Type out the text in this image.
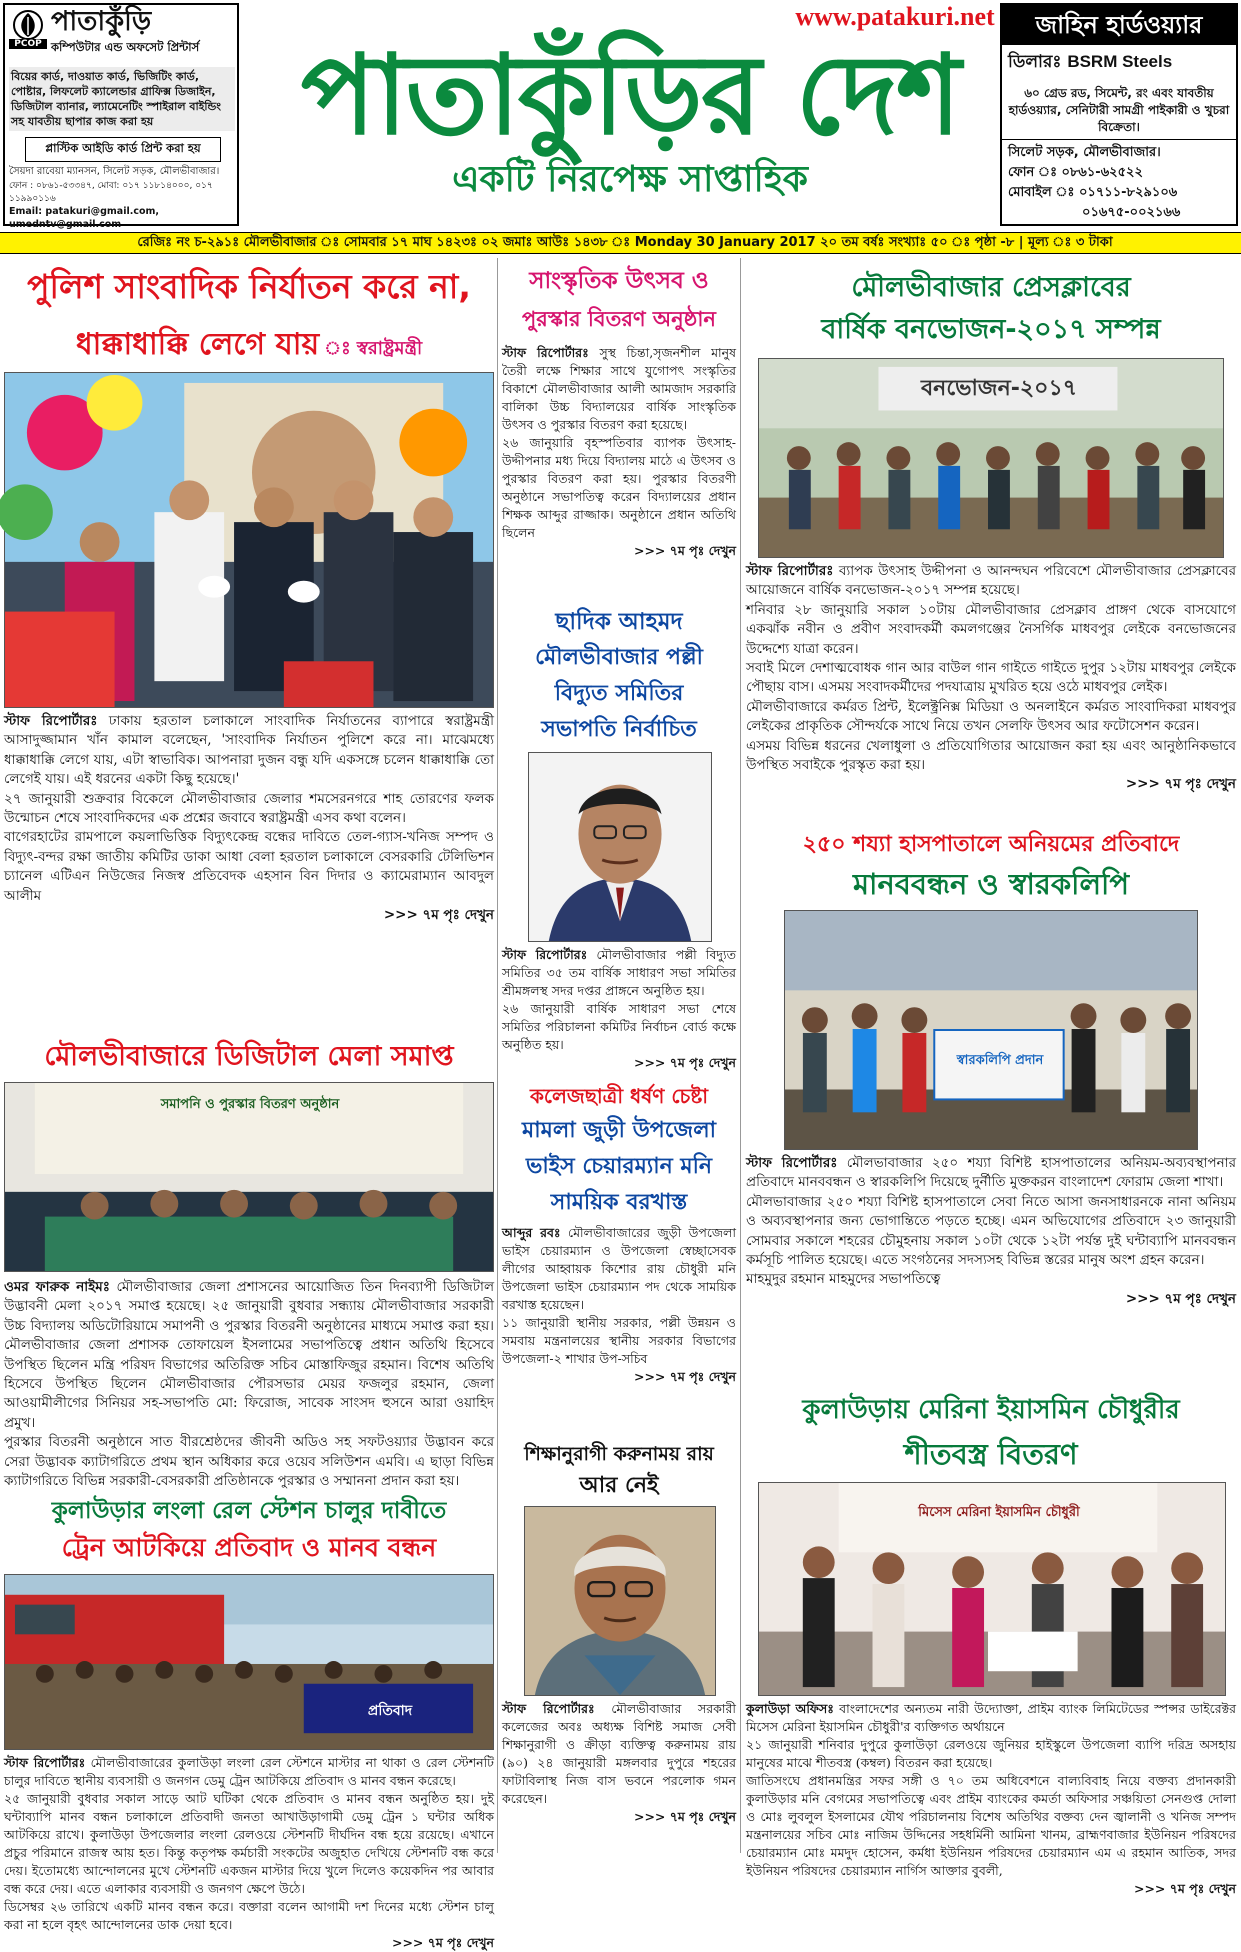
PCOP
পাতাকুঁড়ি
কম্পিউটার এন্ড অফসেট প্রিন্টার্স
বিয়ের কার্ড, দাওয়াত কার্ড, ভিজিটিং কার্ড, পোষ্টার, লিফলেট ক্যালেন্ডার গ্রাফিক্স ডিজাইন, ডিজিটাল ব্যানার, ল্যামেনেটিং স্পাইরাল বাইন্ডিং সহ যাবতীয় ছাপার কাজ করা হয়
প্লাস্টিক আইডি কার্ড প্রিন্ট করা হয়
সৈয়দা রাবেয়া ম্যানসন, সিলেট সড়ক, মৌলভীবাজার।
ফোন : ০৮৬১-৫৩৩৪৭, মোবা: ০১৭ ১১৮১৪০০০, ০১৭ ১১৯৯০১১৬
Email: patakuri@gmail.com, umedntv@gmail.com
www.patakuri.net
পাতাকুঁড়ির দেশ
একটি নিরপেক্ষ সাপ্তাহিক
জাহিন হার্ডওয়্যার
ডিলারঃ BSRM Steels
৬০ গ্রেড রড, সিমেন্ট, রং এবং যাবতীয় হার্ডওয়্যার, সেনিটারী সামগ্রী পাইকারী ও খুচরা বিক্রেতা।
সিলেট সড়ক, মৌলভীবাজার।
ফোন ঃ ০৮৬১-৬২৫২২
মোবাইল ঃ ০১৭১১-৮২৯১০৬
০১৬৭৫-০০২১৬৬
রেজিঃ নং চ-২৯১ঃ মৌলভীবাজার ঃ সোমবার ১৭ মাঘ ১৪২৩ঃ ০২ জমাঃ আউঃ ১৪৩৮ ঃ Monday 30 January 2017 ২০ তম বর্ষঃ সংখ্যাঃ ৫০ ঃ পৃষ্ঠা -৮ | মূল্য ঃ ৩ টাকা
পুলিশ সাংবাদিক নির্যাতন করে না,
ধাক্কাধাক্কি লেগে যায় ঃ স্বরাষ্ট্রমন্ত্রী

স্টাফ রিপোর্টারঃ ঢাকায় হরতাল চলাকালে সাংবাদিক নির্যাতনের ব্যাপারে স্বরাষ্ট্রমন্ত্রী আসাদুজ্জামান খাঁন কামাল বলেছেন, 'সাংবাদিক নির্যাতন পুলিশে করে না। মাঝেমধ্যে ধাক্কাধাক্কি লেগে যায়, এটা স্বাভাবিক। আপনারা দুজন বন্ধু যদি একসঙ্গে চলেন ধাক্কাধাক্কি তো লেগেই যায়। এই ধরনের একটা কিছু হয়েছে।'

২৭ জানুয়ারী শুক্রবার বিকেলে মৌলভীবাজার জেলার শমসেরনগরে শাহ তোরণের ফলক উন্মোচন শেষে সাংবাদিকদের এক প্রশ্নের জবাবে স্বরাষ্ট্রমন্ত্রী এসব কথা বলেন।

বাগেরহাটের রামপালে কয়লাভিত্তিক বিদ্যুৎকেন্দ্র বন্ধের দাবিতে তেল-গ্যাস-খনিজ সম্পদ ও বিদ্যুৎ-বন্দর রক্ষা জাতীয় কমিটির ডাকা আধা বেলা হরতাল চলাকালে বেসরকারি টেলিভিশন চ্যানেল এটিএন নিউজের নিজস্ব প্রতিবেদক এহসান বিন দিদার ও ক্যামেরাম্যান আবদুল আলীম

>>> ৭ম পৃঃ দেখুন

মৌলভীবাজারে ডিজিটাল মেলা সমাপ্ত
সমাপনি ও পুরস্কার বিতরণ অনুষ্ঠান

ওমর ফারুক নাইমঃ মৌলভীবাজার জেলা প্রশাসনের আয়োজিত তিন দিনব্যাপী ডিজিটাল উদ্ভাবনী মেলা ২০১৭ সমাপ্ত হয়েছে। ২৫ জানুয়ারী বুধবার সন্ধ্যায় মৌলভীবাজার সরকারী উচ্চ বিদ্যালয় অডিটোরিয়ামে সমাপনী ও পুরস্কার বিতরনী অনুষ্ঠানের মাধ্যমে সমাপ্ত করা হয়। মৌলভীবাজার জেলা প্রশাসক তোফায়েল ইসলামের সভাপতিত্বে প্রধান অতিথি হিসেবে উপস্থিত ছিলেন মন্ত্রি পরিষদ বিভাগের অতিরিক্ত সচিব মোস্তাফিজুর রহমান। বিশেষ অতিথি হিসেবে উপস্থিত ছিলেন মৌলভীবাজার পৌরসভার মেয়র ফজলুর রহমান, জেলা আওয়ামীলীগের সিনিয়র সহ-সভাপতি মো: ফিরোজ, সাবেক সাংসদ হুসনে আরা ওয়াহিদ প্রমুখ।

পুরস্কার বিতরনী অনুষ্ঠানে সাত বীরশ্রেষ্ঠদের জীবনী অডিও সহ সফটওয়্যার উদ্ভাবন করে সেরা উদ্ভাবক ক্যাটাগরিতে প্রথম স্থান অধিকার করে ওয়েব সলিউশন এমবি। এ ছাড়া বিভিন্ন ক্যাটাগরিতে বিভিন্ন সরকারী-বেসরকারী প্রতিষ্ঠানকে পুরস্কার ও সম্মাননা প্রদান করা হয়।

কুলাউড়ার লংলা রেল স্টেশন চালুর দাবীতে
ট্রেন আটকিয়ে প্রতিবাদ ও মানব বন্ধন
প্রতিবাদ

স্টাফ রিপোর্টারঃ মৌলভীবাজারের কুলাউড়া লংলা রেল স্টেশনে মাস্টার না থাকা ও রেল স্টেশনটি চালুর দাবিতে স্থানীয় ব্যবসায়ী ও জনগন ডেমু ট্রেন আটকিয়ে প্রতিবাদ ও মানব বন্ধন করেছে।

২৫ জানুয়ারী বুধবার সকাল সাড়ে আট ঘটিকা থেকে প্রতিবাদ ও মানব বন্ধন অনুষ্ঠিত হয়। দুই ঘন্টাব্যাপি মানব বন্ধন চলাকালে প্রতিবাদী জনতা আখাউড়াগামী ডেমু ট্রেন ১ ঘন্টার অধিক আটকিয়ে রাখে। কুলাউড়া উপজেলার লংলা রেলওয়ে স্টেশনটি দীর্ঘদিন বন্ধ হয়ে রয়েছে। এখানে প্রচুর পরিমানে রাজস্ব আয় হত। কিন্তু কতৃপক্ষ কর্মচারী সংকটের অজুহাত দেখিয়ে স্টেশনটি বন্ধ করে দেয়। ইতোমধ্যে আন্দোলনের মুখে স্টেশনটি একজন মাস্টার দিয়ে খুলে দিলেও কয়েকদিন পর আবার বন্ধ করে দেয়। এতে এলাকার ব্যবসায়ী ও জনগণ ক্ষেপে উঠে।

ডিসেম্বর ২৬ তারিখে একটি মানব বন্ধন করে। বক্তারা বলেন আগামী দশ দিনের মধ্যে স্টেশন চালু করা না হলে বৃহৎ আন্দোলনের ডাক দেয়া হবে।

>>> ৭ম পৃঃ দেখুন

সাংস্কৃতিক উৎসব ও
পুরস্কার বিতরণ অনুষ্ঠান

স্টাফ রিপোর্টারঃ সুস্থ চিন্তা,সৃজনশীল মানুষ তৈরী লক্ষে শিক্ষার সাথে যুগোপৎ সংস্কৃতির বিকাশে মৌলভীবাজার আলী আমজাদ সরকারি বালিকা উচ্চ বিদ্যালয়ের বার্ষিক সাংস্কৃতিক উৎসব ও পুরস্কার বিতরণ করা হয়েছে।

২৬ জানুয়ারি বৃহস্পতিবার ব্যাপক উৎসাহ-উদ্দীপনার মধ্য দিয়ে বিদ্যালয় মাঠে এ উৎসব ও পুরস্কার বিতরণ করা হয়। পুরস্কার বিতরণী অনুষ্ঠানে সভাপতিত্ব করেন বিদ্যালয়ের প্রধান শিক্ষক আব্দুর রাজ্জাক। অনুষ্ঠানে প্রধান অতিথি ছিলেন

>>> ৭ম পৃঃ দেখুন

ছাদিক আহমদ
মৌলভীবাজার পল্লী
বিদ্যুত সমিতির
সভাপতি নির্বাচিত

স্টাফ রিপোর্টারঃ মৌলভীবাজার পল্লী বিদ্যুত সমিতির ৩৫ তম বার্ষিক সাধারণ সভা সমিতির শ্রীমঙ্গলস্থ সদর দপ্তর প্রাঙ্গনে অনুষ্ঠিত হয়।

২৬ জানুয়ারী বার্ষিক সাধারণ সভা শেষে সমিতির পরিচালনা কমিটির নির্বাচন বোর্ড কক্ষে অনুষ্ঠিত হয়।

>>> ৭ম পৃঃ দেখুন

কলেজছাত্রী ধর্ষণ চেষ্টা
মামলা জুড়ী উপজেলা
ভাইস চেয়ারম্যান মনি
সাময়িক বরখাস্ত

আব্দুর রবঃ মৌলভীবাজারের জুড়ী উপজেলা ভাইস চেয়ারম্যান ও উপজেলা স্বেচ্ছাসেবক লীগের আহ্বায়ক কিশোর রায় চৌধুরী মনি উপজেলা ভাইস চেয়ারম্যান পদ থেকে সাময়িক বরখাস্ত হয়েছেন।

১১ জানুয়ারী স্থানীয় সরকার, পল্লী উন্নয়ন ও সমবায় মন্ত্রনালয়ের স্থানীয় সরকার বিভাগের উপজেলা-২ শাখার উপ-সচিব

>>> ৭ম পৃঃ দেখুন

শিক্ষানুরাগী করুনাময় রায়
আর নেই

স্টাফ রিপোর্টারঃ মৌলভীবাজার সরকারী কলেজের অবঃ অধ্যক্ষ বিশিষ্ট সমাজ সেবী শিক্ষানুরাগী ও ক্রীড়া ব্যক্তিত্ব করুনাময় রায় (৯০) ২৪ জানুয়ারী মঙ্গলবার দুপুরে শহরের ফাটাবিলাস্থ নিজ বাস ভবনে পরলোক গমন করেছেন।

>>> ৭ম পৃঃ দেখুন

মৌলভীবাজার প্রেসক্লাবের
বার্ষিক বনভোজন-২০১৭ সম্পন্ন
বনভোজন-২০১৭

স্টাফ রিপোর্টারঃ ব্যাপক উৎসাহ উদ্দীপনা ও আনন্দঘন পরিবেশে মৌলভীবাজার প্রেসক্লাবের আয়োজনে বার্ষিক বনভোজন-২০১৭ সম্পন্ন হয়েছে।

শনিবার ২৮ জানুয়ারি সকাল ১০টায় মৌলভীবাজার প্রেসক্লাব প্রাঙ্গণ থেকে বাসযোগে একঝাঁক নবীন ও প্রবীণ সংবাদকর্মী কমলগঞ্জের নৈসর্গিক মাধবপুর লেইকে বনভোজনের উদ্দেশ্যে যাত্রা করেন।

সবাই মিলে দেশাত্মবোধক গান আর বাউল গান গাইতে গাইতে দুপুর ১২টায় মাধবপুর লেইকে পৌছায় বাস। এসময় সংবাদকর্মীদের পদযাত্রায় মুখরিত হয়ে ওঠে মাধবপুর লেইক।

মৌলভীবাজারে কর্মরত প্রিন্ট, ইলেক্ট্রনিক্স মিডিয়া ও অনলাইনে কর্মরত সাংবাদিকরা মাধবপুর লেইকের প্রাকৃতিক সৌন্দর্যকে সাথে নিয়ে তখন সেলফি উৎসব আর ফটোসেশন করেন।

এসময় বিভিন্ন ধরনের খেলাধুলা ও প্রতিযোগিতার আয়োজন করা হয় এবং আনুষ্ঠানিকভাবে উপস্থিত সবাইকে পুরস্কৃত করা হয়।

>>> ৭ম পৃঃ দেখুন

২৫০ শয্যা হাসপাতালে অনিয়মের প্রতিবাদে
মানববন্ধন ও স্বারকলিপি
স্বারকলিপি প্রদান

স্টাফ রিপোর্টারঃ মৌলভাবাজার ২৫০ শয্যা বিশিষ্ট হাসপাতালের অনিয়ম-অব্যবস্থাপনার প্রতিবাদে মানববন্ধন ও স্বারকলিপি দিয়েছে দুর্নীতি মুক্তকরন বাংলাদেশ ফোরাম জেলা শাখা।

মৌলভাবাজার ২৫০ শয্যা বিশিষ্ট হাসপাতালে সেবা নিতে আসা জনসাধারনকে নানা অনিয়ম ও অব্যবস্থাপনার জন্য ভোগান্তিতে পড়তে হচ্ছে। এমন অভিযোগের প্রতিবাদে ২৩ জানুয়ারী সোমবার সকালে শহরের চৌমুহনায় সকাল ১০টা থেকে ১২টা পর্যন্ত দুই ঘন্টাব্যাপি মানববন্ধন কর্মসূচি পালিত হয়েছে। এতে সংগঠনের সদস্যসহ বিভিন্ন স্তরের মানুষ অংশ গ্রহন করেন।

মাহমুদুর রহমান মাহমুদের সভাপতিত্বে

>>> ৭ম পৃঃ দেখুন

কুলাউড়ায় মেরিনা ইয়াসমিন চৌধুরীর
শীতবস্ত্র বিতরণ
মিসেস মেরিনা ইয়াসমিন চৌধুরী

কুলাউড়া অফিসঃ বাংলাদেশের অন্যতম নারী উদ্যোক্তা, প্রাইম ব্যাংক লিমিটেডের স্পন্সর ডাইরেক্টর মিসেস মেরিনা ইয়াসমিন চৌধুরী'র ব্যক্তিগত অর্থায়নে

২১ জানুয়ারী শনিবার দুপুরে কুলাউড়া রেলওয়ে জুনিয়র হাইস্কুলে উপজেলা ব্যাপি দরিদ্র অসহায় মানুষের মাঝে শীতবস্ত্র (কম্বল) বিতরন করা হয়েছে।

জাতিসংঘে প্রধানমন্ত্রির সফর সঙ্গী ও ৭০ তম অধিবেশনে বাল্যবিবাহ নিয়ে বক্তব্য প্রদানকারী কুলাউড়ার মনি বেগমের সভাপতিত্বে এবং প্রাইম ব্যাংকের কমর্তা অফিসার সঞ্চয়িতা সেনগুপ্ত দোলা ও মোঃ লুবলুল ইসলামের যৌথ পরিচালনায় বিশেষ অতিথির বক্তব্য দেন জ্বালানী ও খনিজ সম্পদ মন্ত্রনালয়ের সচিব মোঃ নাজিম উদ্দিনের সহধর্মিনী আমিনা খানম, ব্রাহ্মণবাজার ইউনিয়ন পরিষদের চেয়ারম্যান মোঃ মমদুদ হোসেন, কর্মধা ইউনিয়ন পরিষদের চেয়ারম্যান এম এ রহমান আতিক, সদর ইউনিয়ন পরিষদের চেয়ারম্যান নার্গিস আক্তার বুবলী,

>>> ৭ম পৃঃ দেখুন
